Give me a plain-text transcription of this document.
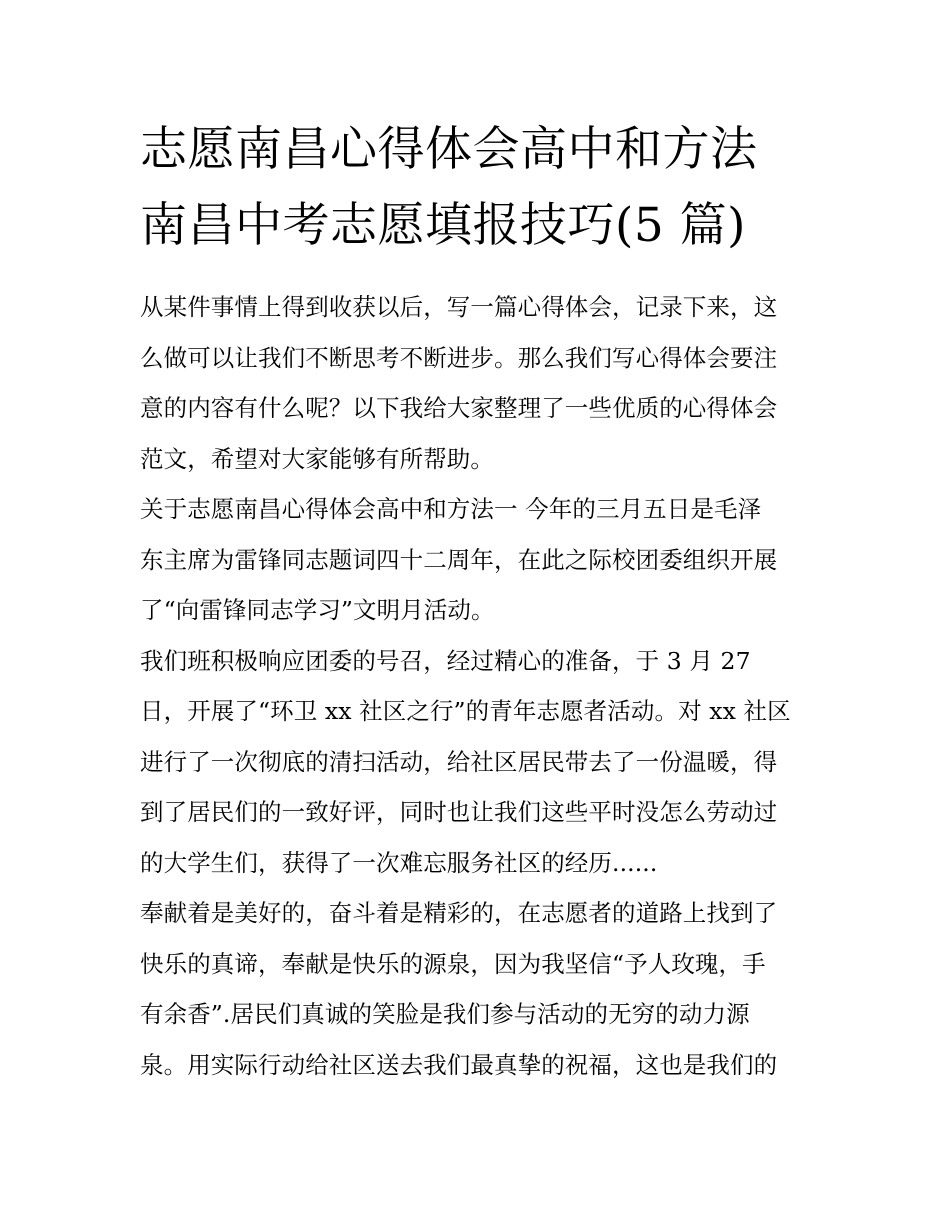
志愿南昌心得体会高中和方法
南昌中考志愿填报技巧(5 篇)
从某件事情上得到收获以后，写一篇心得体会，记录下来，这
么做可以让我们不断思考不断进步。那么我们写心得体会要注
意的内容有什么呢？以下我给大家整理了一些优质的心得体会
范文，希望对大家能够有所帮助。
关于志愿南昌心得体会高中和方法一 今年的三月五日是毛泽
东主席为雷锋同志题词四十二周年，在此之际校团委组织开展
了“向雷锋同志学习”文明月活动。
我们班积极响应团委的号召，经过精心的准备，于 3 月 27
日，开展了“环卫 xx 社区之行”的青年志愿者活动。对 xx 社区
进行了一次彻底的清扫活动，给社区居民带去了一份温暖，得
到了居民们的一致好评，同时也让我们这些平时没怎么劳动过
的大学生们，获得了一次难忘服务社区的经历......
奉献着是美好的，奋斗着是精彩的，在志愿者的道路上找到了
快乐的真谛，奉献是快乐的源泉，因为我坚信“予人玫瑰，手
有余香”.居民们真诚的笑脸是我们参与活动的无穷的动力源
泉。用实际行动给社区送去我们最真挚的祝福，这也是我们的
